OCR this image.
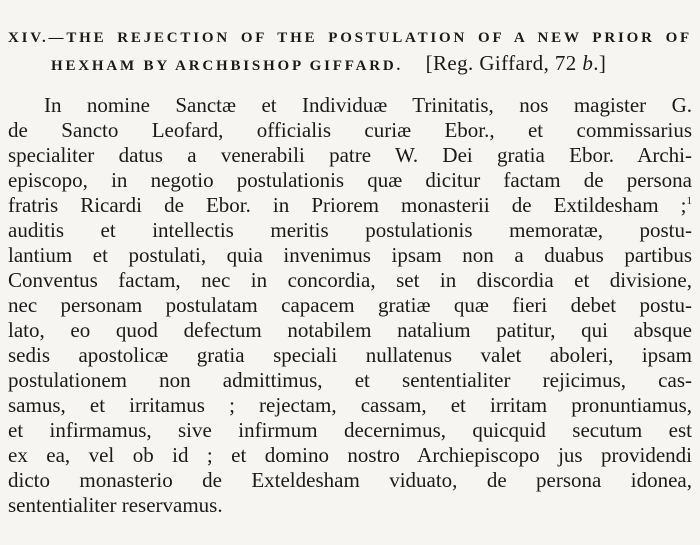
XIV.—THE REJECTION OF THE POSTULATION OF A NEW PRIOR OF
HEXHAM BY ARCHBISHOP GIFFARD. [Reg. Giffard, 72 b.]
In nomine Sanctæ et Individuæ Trinitatis, nos magister G.
de Sancto Leofard, officialis curiæ Ebor., et commissarius
specialiter datus a venerabili patre W. Dei gratia Ebor. Archi-
episcopo, in negotio postulationis quæ dicitur factam de persona
fratris Ricardi de Ebor. in Priorem monasterii de Extildesham ;$^1$
auditis et intellectis meritis postulationis memoratæ, postu-
lantium et postulati, quia invenimus ipsam non a duabus partibus
Conventus factam, nec in concordia, set in discordia et divisione,
nec personam postulatam capacem gratiæ quæ fieri debet postu-
lato, eo quod defectum notabilem natalium patitur, qui absque
sedis apostolicæ gratia speciali nullatenus valet aboleri, ipsam
postulationem non admittimus, et sententialiter rejicimus, cas-
samus, et irritamus ; rejectam, cassam, et irritam pronuntiamus,
et infirmamus, sive infirmum decernimus, quicquid secutum est
ex ea, vel ob id ; et domino nostro Archiepiscopo jus providendi
dicto monasterio de Exteldesham viduato, de persona idonea,
sententialiter reservamus.
